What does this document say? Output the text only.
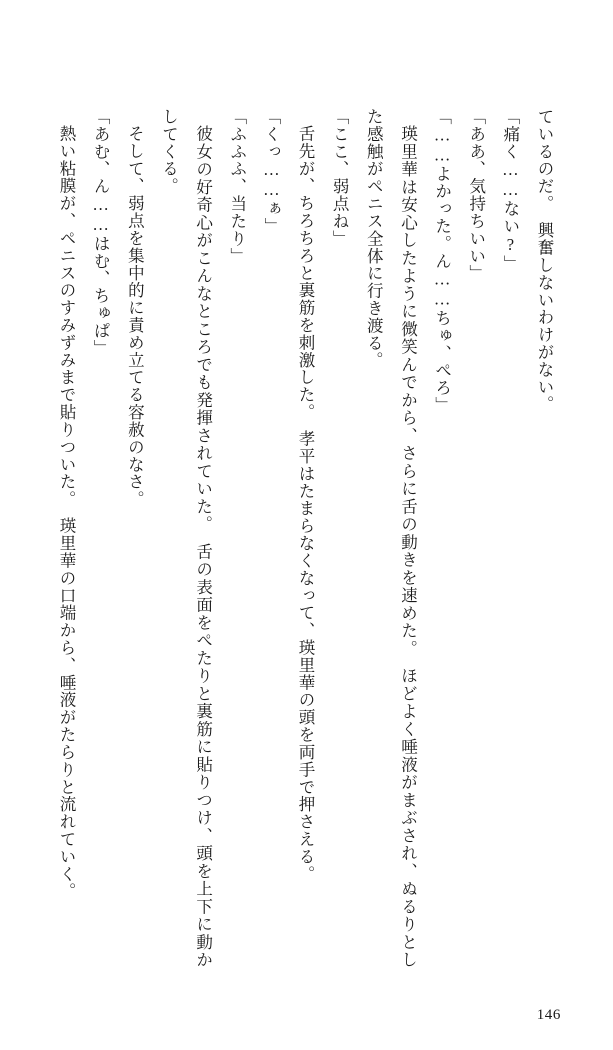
ているのだ。　興奮しないわけがない。

「痛く……ない?」

「ああ、気持ちいい」

「……よかった。ん……ちゅ、ぺろ」

瑛里華は安心したように微笑んでから、さらに舌の動きを速めた。　ほどよく唾液がまぶされ、ぬるりとした感触がペニス全体に行き渡る。

「ここ、弱点ね」

舌先が、ちろちろと裏筋を刺激した。　孝平はたまらなくなって、瑛里華の頭を両手で押さえる。

「くっ……ぁ」

「ふふふ、当たり」

彼女の好奇心がこんなところでも発揮されていた。　舌の表面をぺたりと裏筋に貼りつけ、頭を上下に動かしてくる。

そして、弱点を集中的に責め立てる容赦のなさ。

「あむ、ん……はむ、ちゅぱ」

熱い粘膜が、ペニスのすみずみまで貼りついた。　瑛里華の口端から、唾液がたらりと流れていく。

146
